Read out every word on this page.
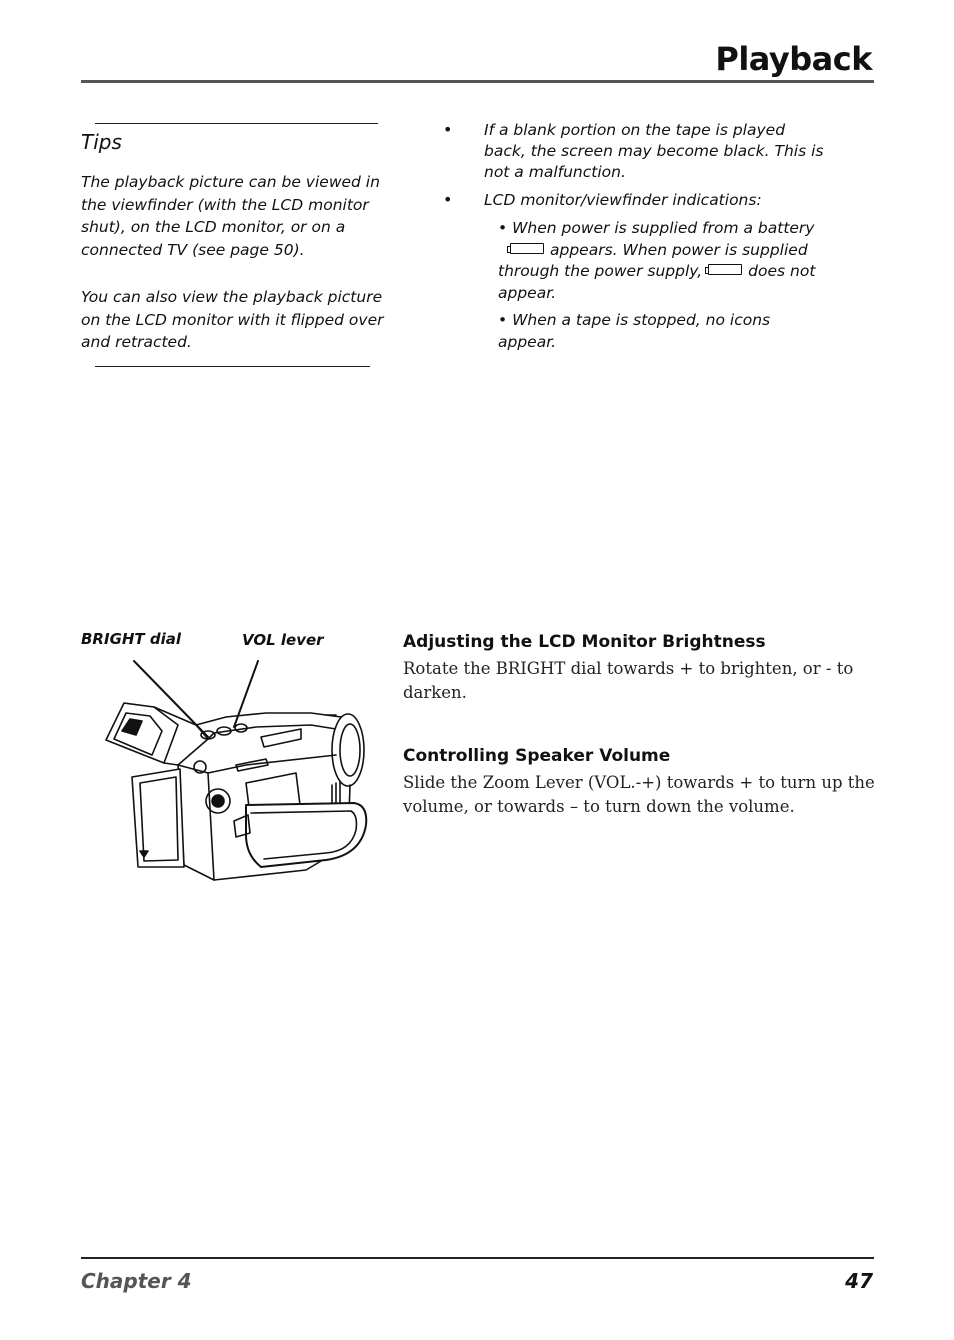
Playback
Tips
The playback picture can be viewed in the viewfinder (with the LCD monitor shut), on the LCD monitor, or on a connected TV (see page 50).
You can also view the playback picture on the LCD monitor with it flipped over and retracted.
• If a blank portion on the tape is played back, the screen may become black. This is not a malfunction.
• LCD monitor/viewfinder indications:
• When power is supplied from a batteryappears. When power is supplied through the power supply,	does not appear.
• When a tape is stopped, no icons appear.
BRIGHT dial	VOL lever	Adjusting the LCD Monitor Brightness
Rotate the BRIGHT dial towards + to brighten, or - to darken.
Controlling Speaker Volume
Slide the Zoom Lever (VOL.-+) towards + to turn up the volume, or towards – to turn down the volume.
Chapter 4	47
